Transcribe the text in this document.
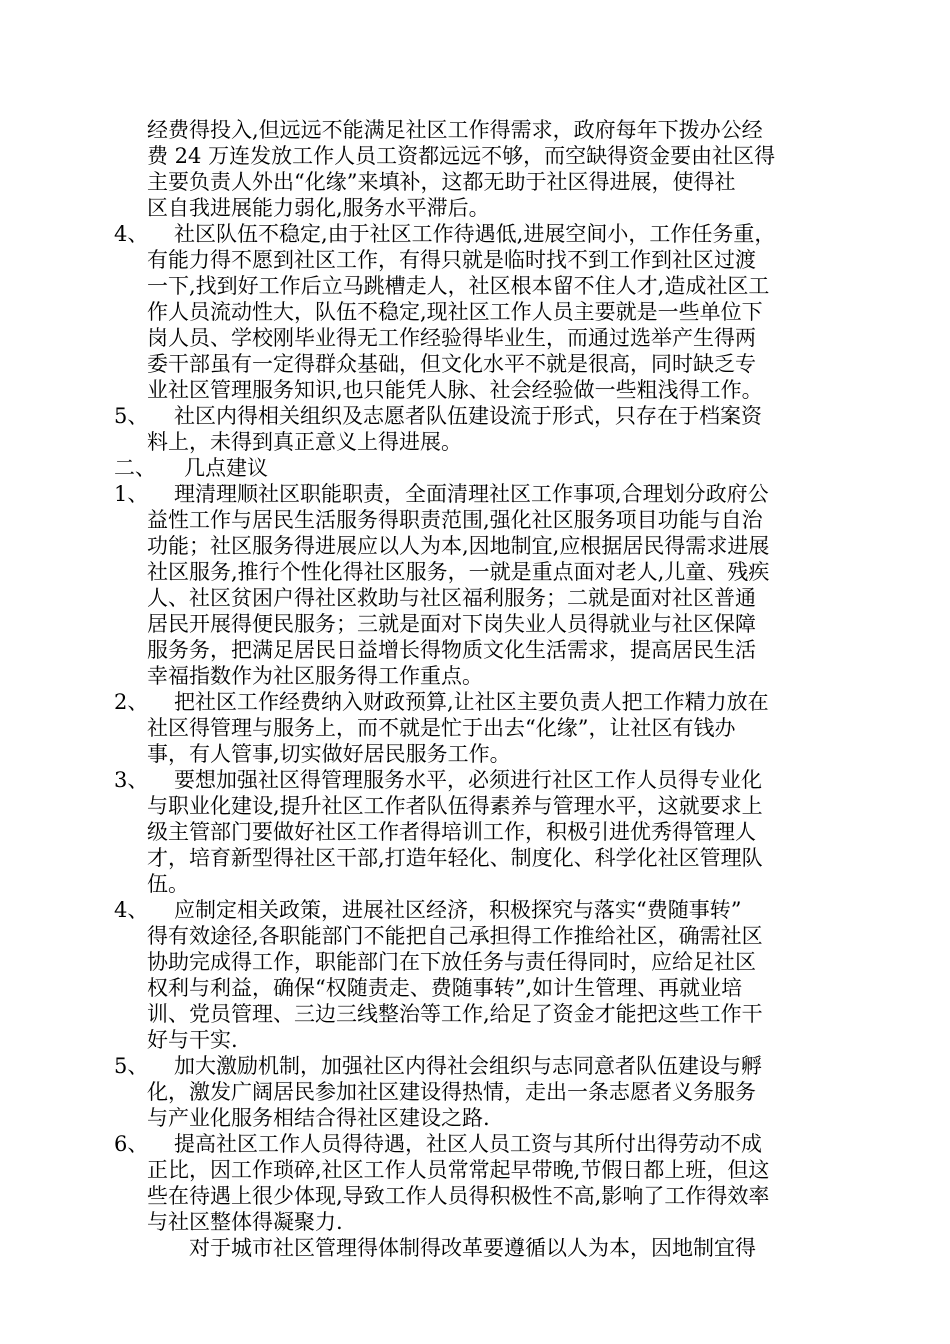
经费得投入,但远远不能满足社区工作得需求，政府每年下拨办公经
费 24 万连发放工作人员工资都远远不够，而空缺得资金要由社区得
主要负责人外出“化缘”来填补，这都无助于社区得进展，使得社
区自我进展能力弱化,服务水平滞后。
4、 社区队伍不稳定,由于社区工作待遇低,进展空间小，工作任务重，
有能力得不愿到社区工作，有得只就是临时找不到工作到社区过渡
一下,找到好工作后立马跳槽走人，社区根本留不住人才,造成社区工
作人员流动性大，队伍不稳定,现社区工作人员主要就是一些单位下
岗人员、学校刚毕业得无工作经验得毕业生，而通过选举产生得两
委干部虽有一定得群众基础，但文化水平不就是很高，同时缺乏专
业社区管理服务知识,也只能凭人脉、社会经验做一些粗浅得工作。
5、 社区内得相关组织及志愿者队伍建设流于形式，只存在于档案资
料上，未得到真正意义上得进展。
二、 几点建议
1、 理清理顺社区职能职责，全面清理社区工作事项,合理划分政府公
益性工作与居民生活服务得职责范围,强化社区服务项目功能与自治
功能；社区服务得进展应以人为本,因地制宜,应根据居民得需求进展
社区服务,推行个性化得社区服务，一就是重点面对老人,儿童、残疾
人、社区贫困户得社区救助与社区福利服务；二就是面对社区普通
居民开展得便民服务；三就是面对下岗失业人员得就业与社区保障
服务务，把满足居民日益增长得物质文化生活需求，提高居民生活
幸福指数作为社区服务得工作重点。
2、 把社区工作经费纳入财政预算,让社区主要负责人把工作精力放在
社区得管理与服务上，而不就是忙于出去“化缘”，让社区有钱办
事，有人管事,切实做好居民服务工作。
3、 要想加强社区得管理服务水平，必须进行社区工作人员得专业化
与职业化建设,提升社区工作者队伍得素养与管理水平，这就要求上
级主管部门要做好社区工作者得培训工作，积极引进优秀得管理人
才，培育新型得社区干部,打造年轻化、制度化、科学化社区管理队
伍。
4、 应制定相关政策，进展社区经济，积极探究与落实“费随事转”
得有效途径,各职能部门不能把自己承担得工作推给社区，确需社区
协助完成得工作，职能部门在下放任务与责任得同时，应给足社区
权利与利益，确保“权随责走、费随事转”,如计生管理、再就业培
训、党员管理、三边三线整治等工作,给足了资金才能把这些工作干
好与干实.
5、 加大激励机制，加强社区内得社会组织与志同意者队伍建设与孵
化，激发广阔居民参加社区建设得热情，走出一条志愿者义务服务
与产业化服务相结合得社区建设之路.
6、 提高社区工作人员得待遇，社区人员工资与其所付出得劳动不成
正比，因工作琐碎,社区工作人员常常起早带晚,节假日都上班，但这
些在待遇上很少体现,导致工作人员得积极性不高,影响了工作得效率
与社区整体得凝聚力.
对于城市社区管理得体制得改革要遵循以人为本，因地制宜得
